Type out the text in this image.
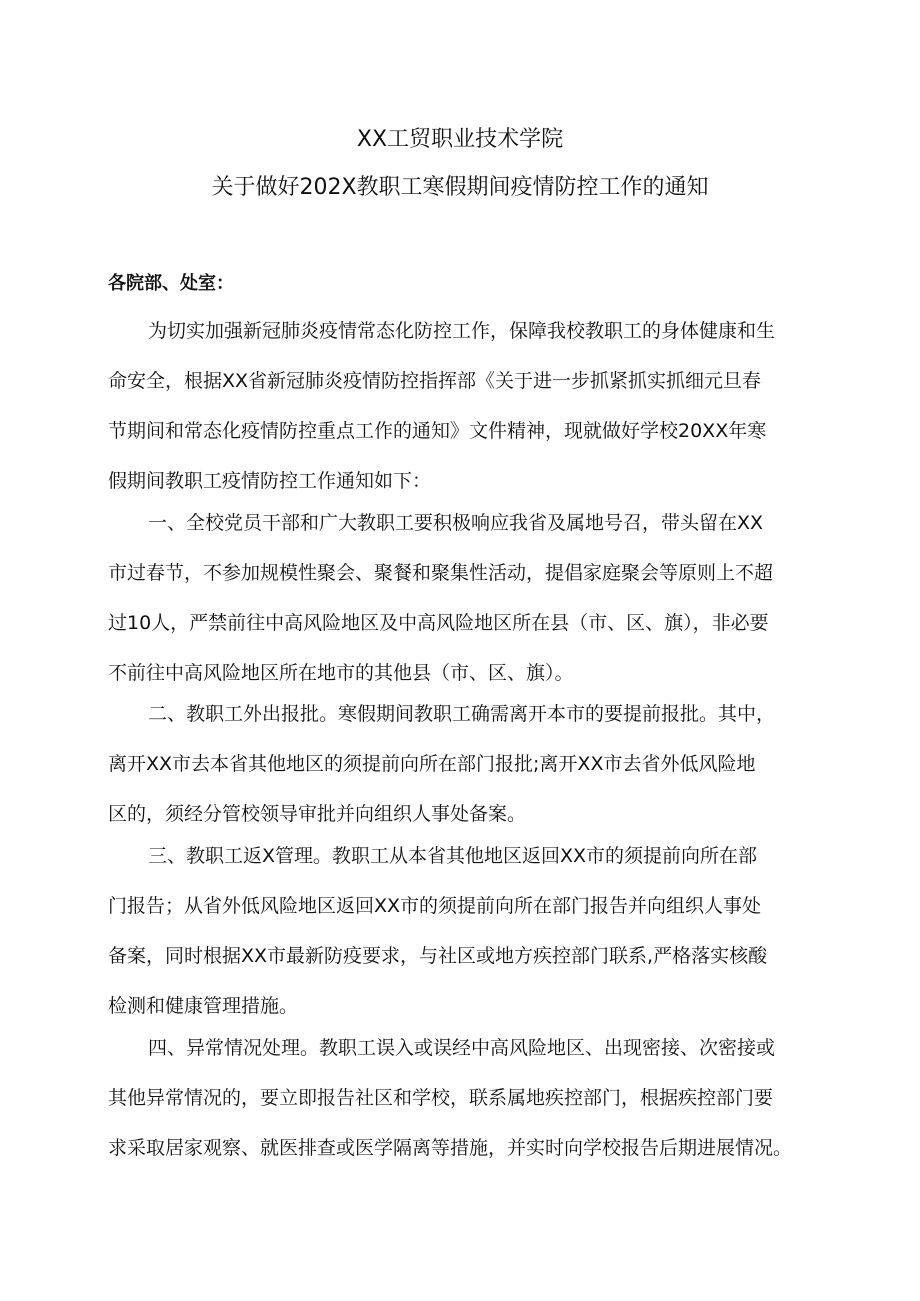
XX工贸职业技术学院
关于做好202X教职工寒假期间疫情防控工作的通知
各院部、处室：
为切实加强新冠肺炎疫情常态化防控工作，保障我校教职工的身体健康和生
命安全，根据XX省新冠肺炎疫情防控指挥部《关于进一步抓紧抓实抓细元旦春
节期间和常态化疫情防控重点工作的通知》文件精神，现就做好学校20XX年寒
假期间教职工疫情防控工作通知如下：
一、全校党员干部和广大教职工要积极响应我省及属地号召，带头留在XX
市过春节，不参加规模性聚会、聚餐和聚集性活动，提倡家庭聚会等原则上不超
过10人，严禁前往中高风险地区及中高风险地区所在县（市、区、旗），非必要
不前往中高风险地区所在地市的其他县（市、区、旗）。
二、教职工外出报批。寒假期间教职工确需离开本市的要提前报批。其中，
离开XX市去本省其他地区的须提前向所在部门报批;离开XX市去省外低风险地
区的，须经分管校领导审批并向组织人事处备案。
三、教职工返X管理。教职工从本省其他地区返回XX市的须提前向所在部
门报告；从省外低风险地区返回XX市的须提前向所在部门报告并向组织人事处
备案，同时根据XX市最新防疫要求，与社区或地方疾控部门联系,严格落实核酸
检测和健康管理措施。
四、异常情况处理。教职工误入或误经中高风险地区、出现密接、次密接或
其他异常情况的，要立即报告社区和学校，联系属地疾控部门，根据疾控部门要
求采取居家观察、就医排查或医学隔离等措施，并实时向学校报告后期进展情况。
